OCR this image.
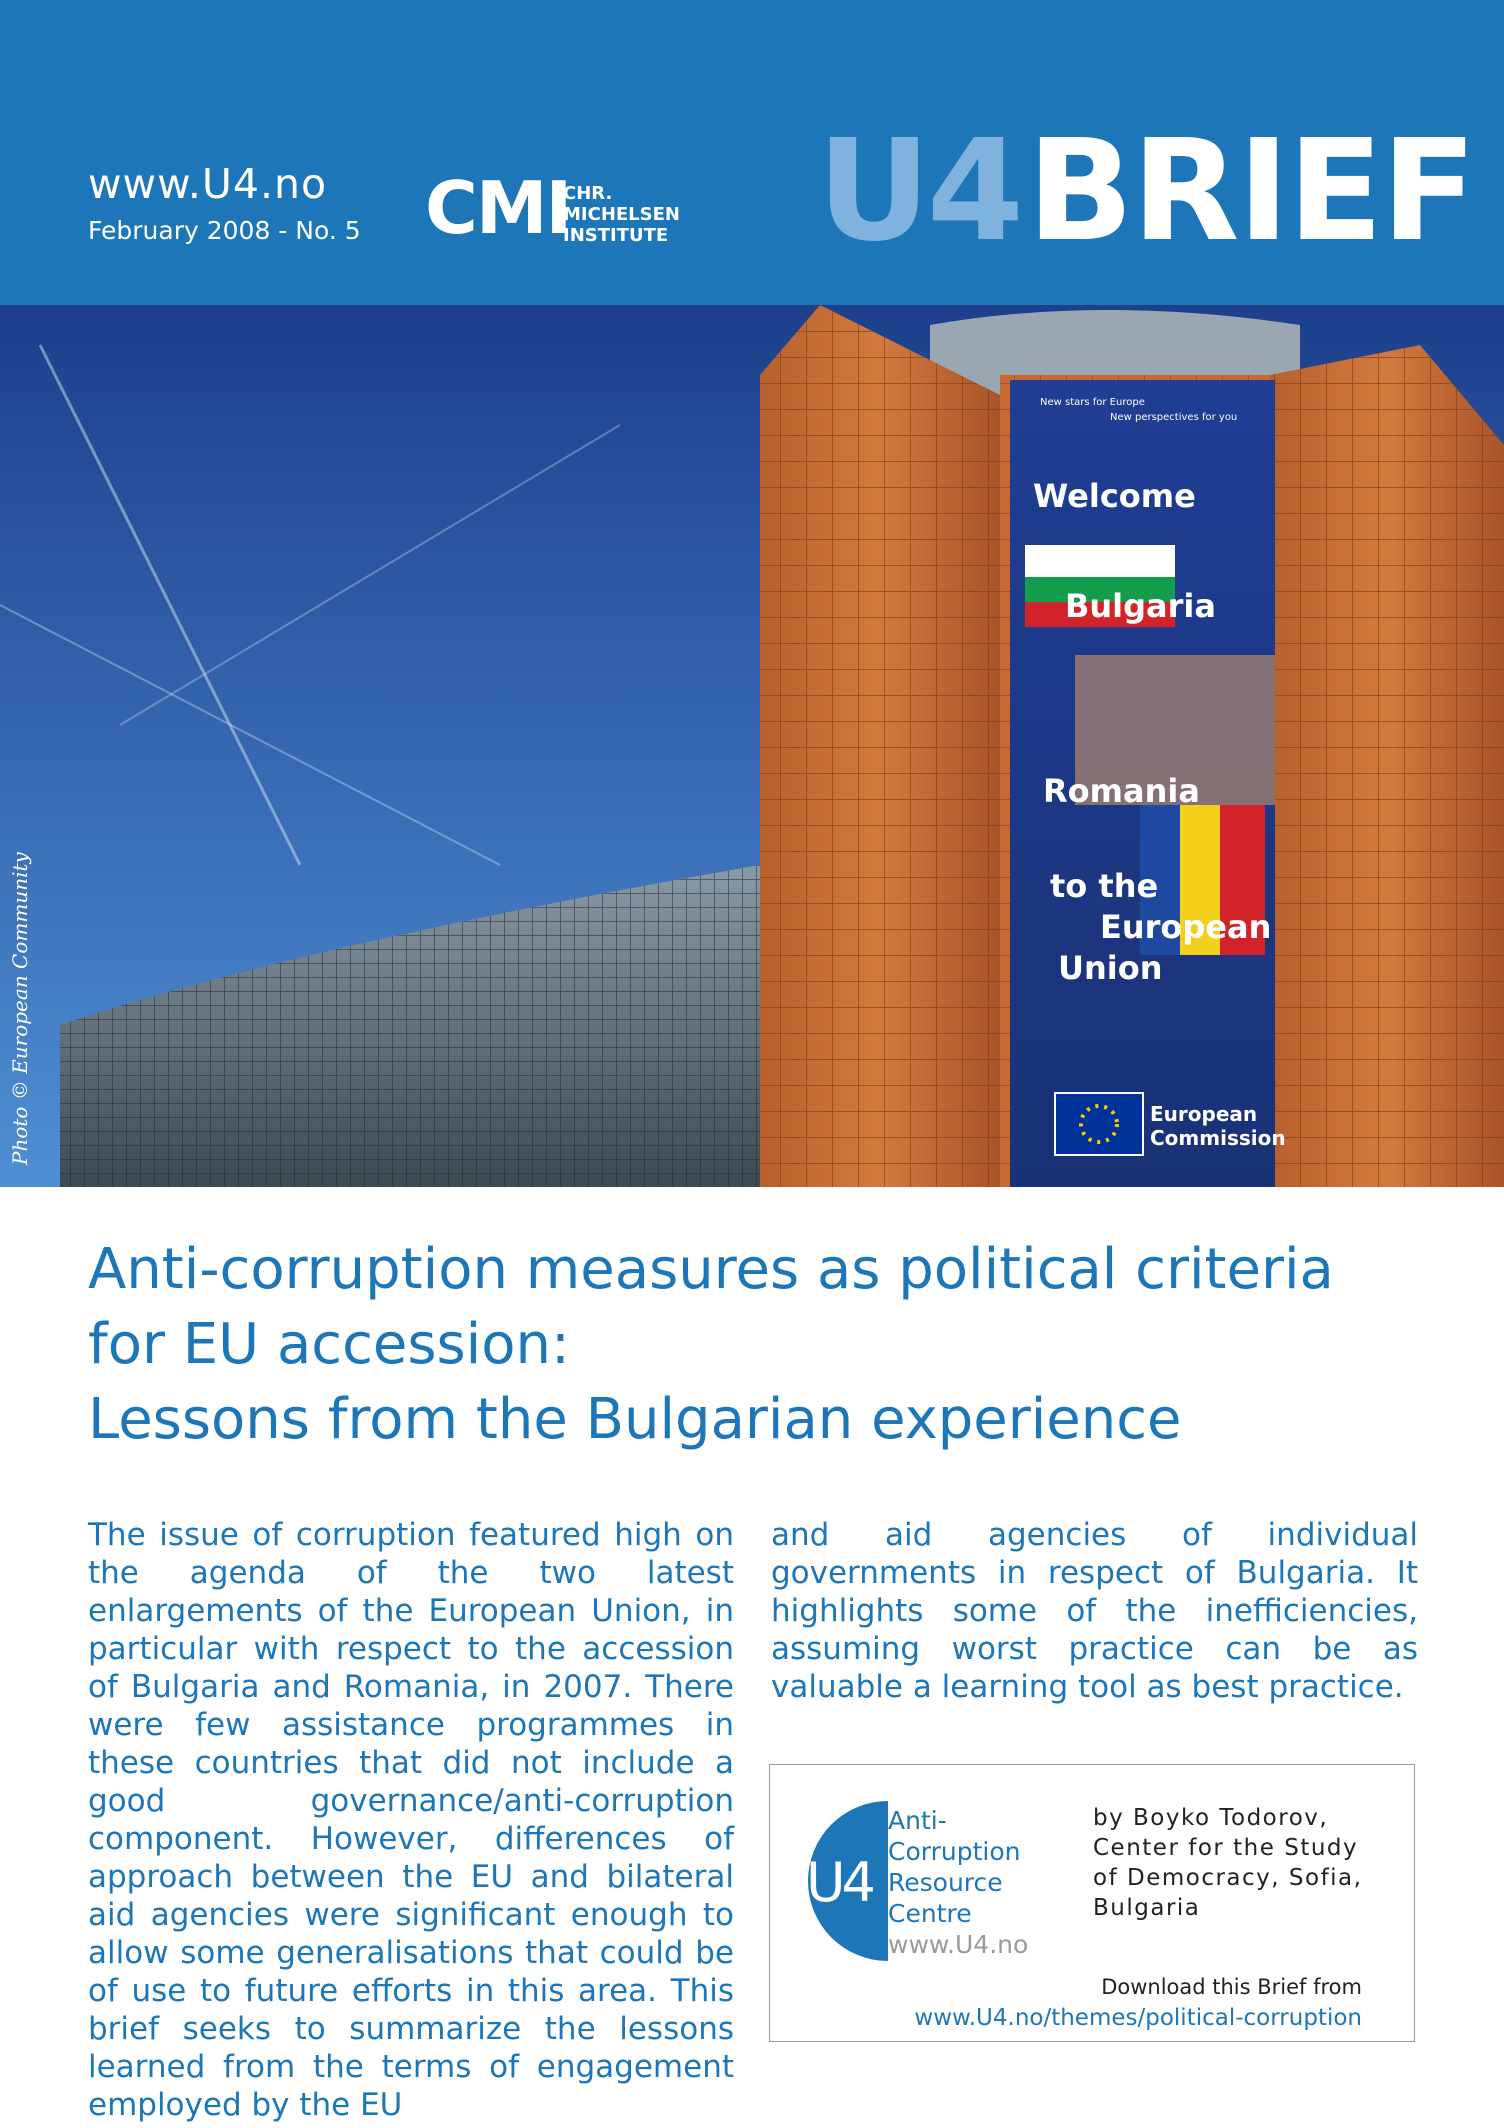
www.U4.no
February 2008 - No. 5 CMI
CHR.
MICHELSEN
INSTITUTE U4 BRIEF
New stars for Europe
New perspectives for you
Welcome
Bulgaria
Romania
to the
European
Union
European
Commission
Photo © European Community
Anti-corruption measures as political criteria
for EU accession:
Lessons from the Bulgarian experience

The issue of corruption featured high on the agenda of the two latest enlargements of the European Union, in particular with respect to the accession of Bulgaria and Romania, in 2007. There were few assistance programmes in these countries that did not include a good governance/anti-corruption component. However, differences of approach between the EU and bilateral aid agencies were significant enough to allow some generalisations that could be of use to future efforts in this area. This brief seeks to summarize the lessons learned from the terms of engagement employed by the EU

and aid agencies of individual governments in respect of Bulgaria. It highlights some of the inefficiencies, assuming worst practice can be as valuable a learning tool as best practice.

U4
Anti-
Corruption
Resource
Centre
www.U4.no
by Boyko Todorov,
Center for the Study
of Democracy, Sofia,
Bulgaria
Download this Brief from
www.U4.no/themes/political-corruption
